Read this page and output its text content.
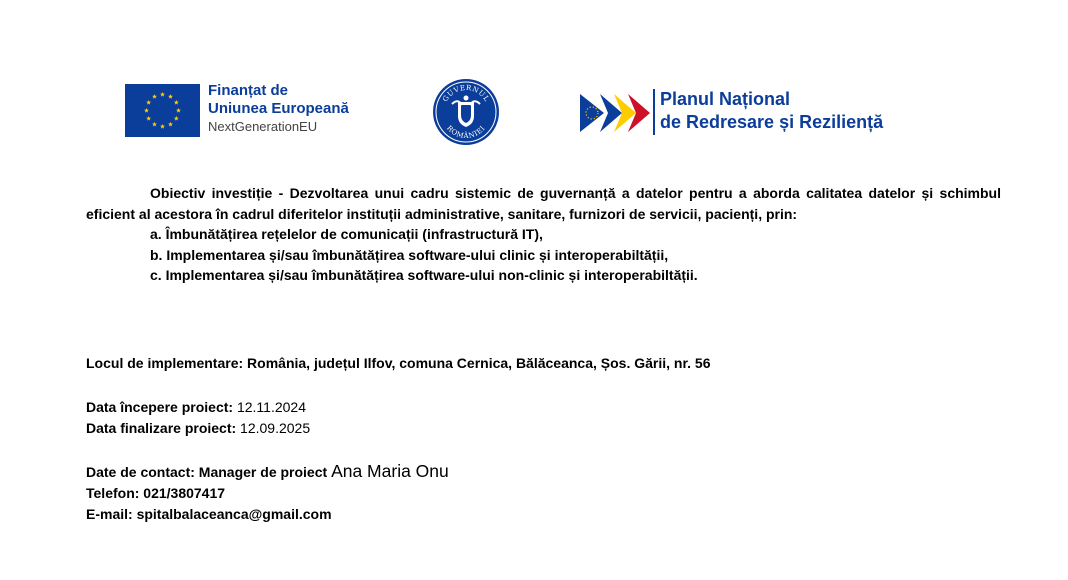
Finanțat de
Uniunea Europeană
NextGenerationEU
GUVERNUL
ROMÂNIEI
Planul Național
de Redresare și Reziliență

Obiectiv investiție - Dezvoltarea unui cadru sistemic de guvernanță a datelor pentru a aborda calitatea datelor și schimbul eficient al acestora în cadrul diferitelor instituții administrative, sanitare, furnizori de servicii, pacienți, prin:

a. Îmbunătățirea rețelelor de comunicații (infrastructură IT),
b. Implementarea și/sau îmbunătățirea software-ului clinic și interoperabiltății,
c. Implementarea și/sau îmbunătățirea software-ului non-clinic și interoperabiltății.
Locul de implementare: România, județul Ilfov, comuna Cernica, Bălăceanca, Șos. Gării, nr. 56
Data începere proiect: 12.11.2024
Data finalizare proiect: 12.09.2025
Date de contact: Manager de proiect Ana Maria Onu
Telefon: 021/3807417
E-mail: spitalbalaceanca@gmail.com
